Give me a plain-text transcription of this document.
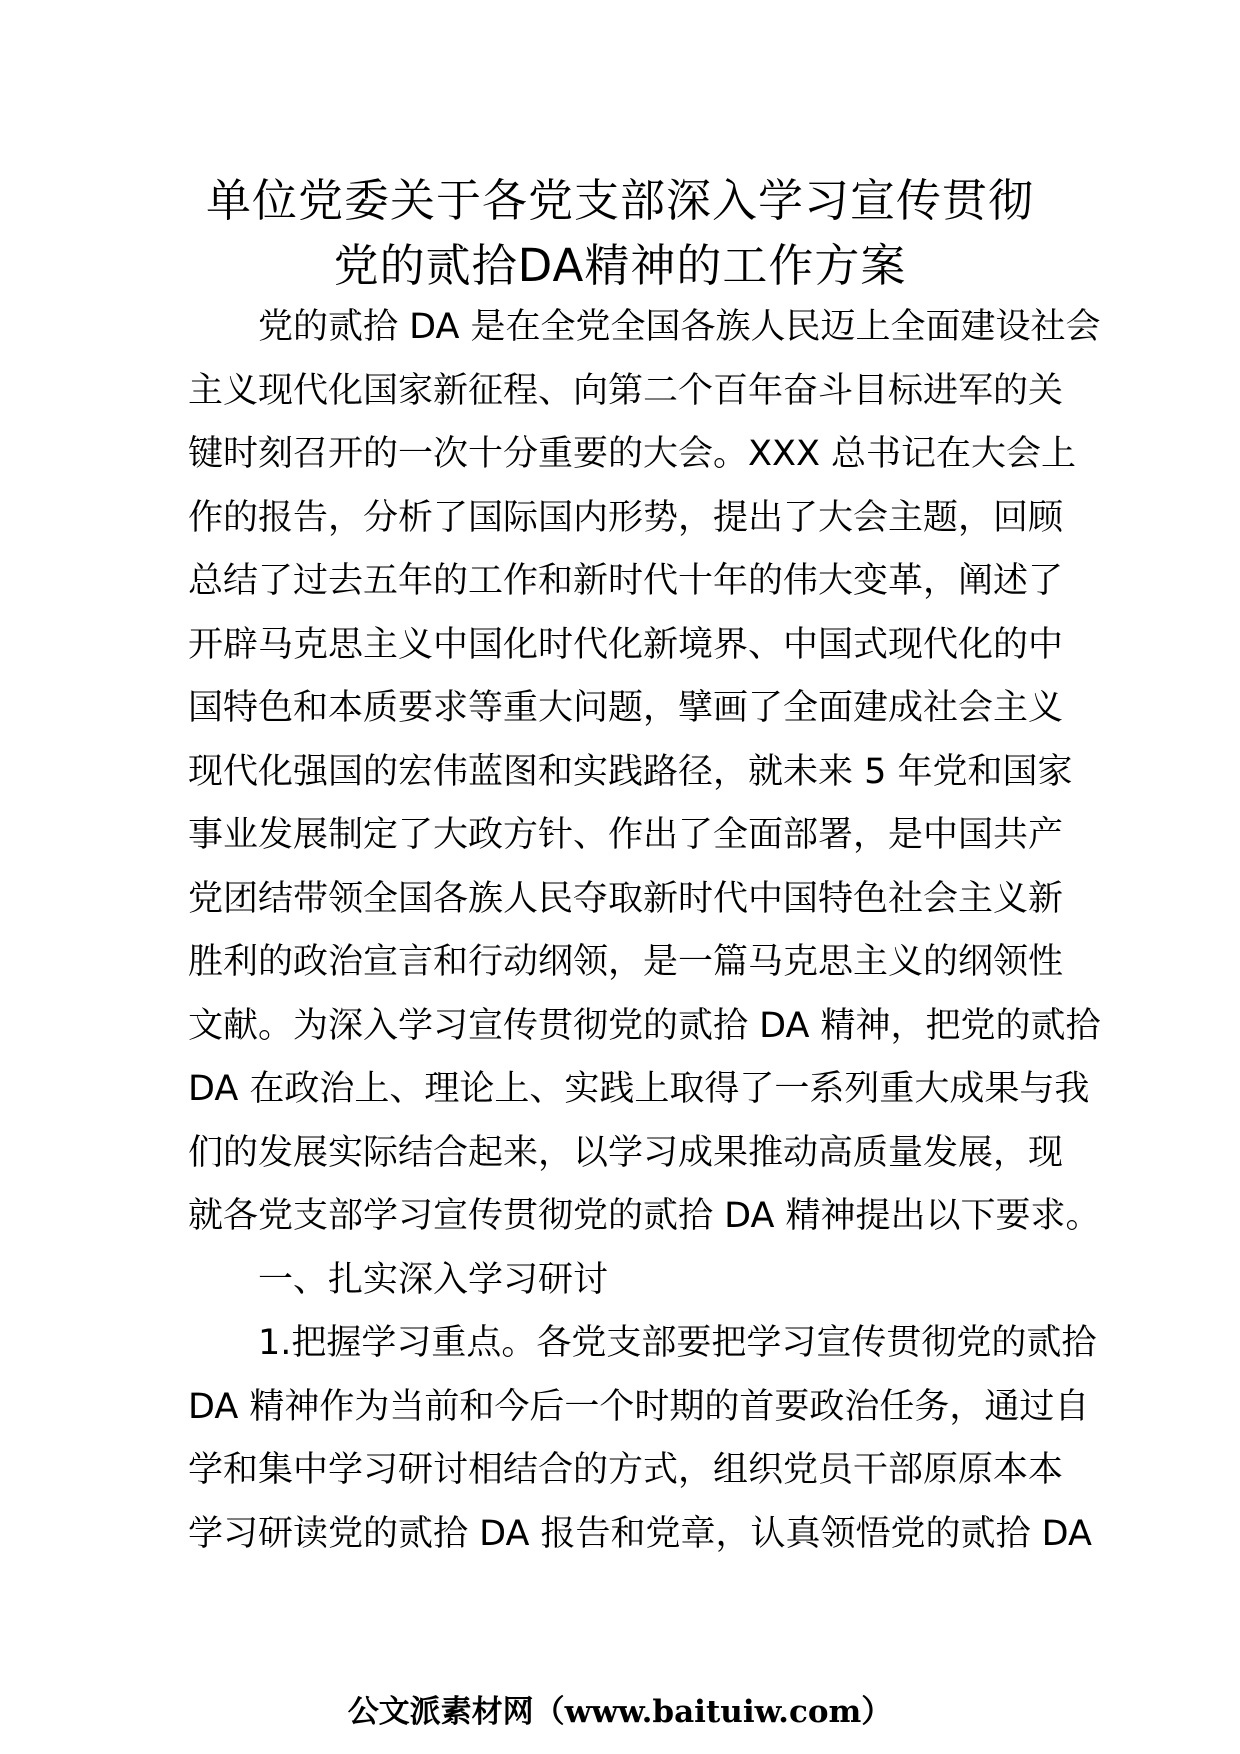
单位党委关于各党支部深入学习宣传贯彻
党的贰拾DA精神的工作方案
党的贰拾 DA 是在全党全国各族人民迈上全面建设社会
主义现代化国家新征程、向第二个百年奋斗目标进军的关
键时刻召开的一次十分重要的大会。XXX 总书记在大会上
作的报告，分析了国际国内形势，提出了大会主题，回顾
总结了过去五年的工作和新时代十年的伟大变革，阐述了
开辟马克思主义中国化时代化新境界、中国式现代化的中
国特色和本质要求等重大问题，擘画了全面建成社会主义
现代化强国的宏伟蓝图和实践路径，就未来 5 年党和国家
事业发展制定了大政方针、作出了全面部署，是中国共产
党团结带领全国各族人民夺取新时代中国特色社会主义新
胜利的政治宣言和行动纲领，是一篇马克思主义的纲领性
文献。为深入学习宣传贯彻党的贰拾 DA 精神，把党的贰拾
DA 在政治上、理论上、实践上取得了一系列重大成果与我
们的发展实际结合起来，以学习成果推动高质量发展，现
就各党支部学习宣传贯彻党的贰拾 DA 精神提出以下要求。
一、扎实深入学习研讨
1.把握学习重点。各党支部要把学习宣传贯彻党的贰拾
DA 精神作为当前和今后一个时期的首要政治任务，通过自
学和集中学习研讨相结合的方式，组织党员干部原原本本
学习研读党的贰拾 DA 报告和党章，认真领悟党的贰拾 DA
公文派素材网（www.baituiw.com）
